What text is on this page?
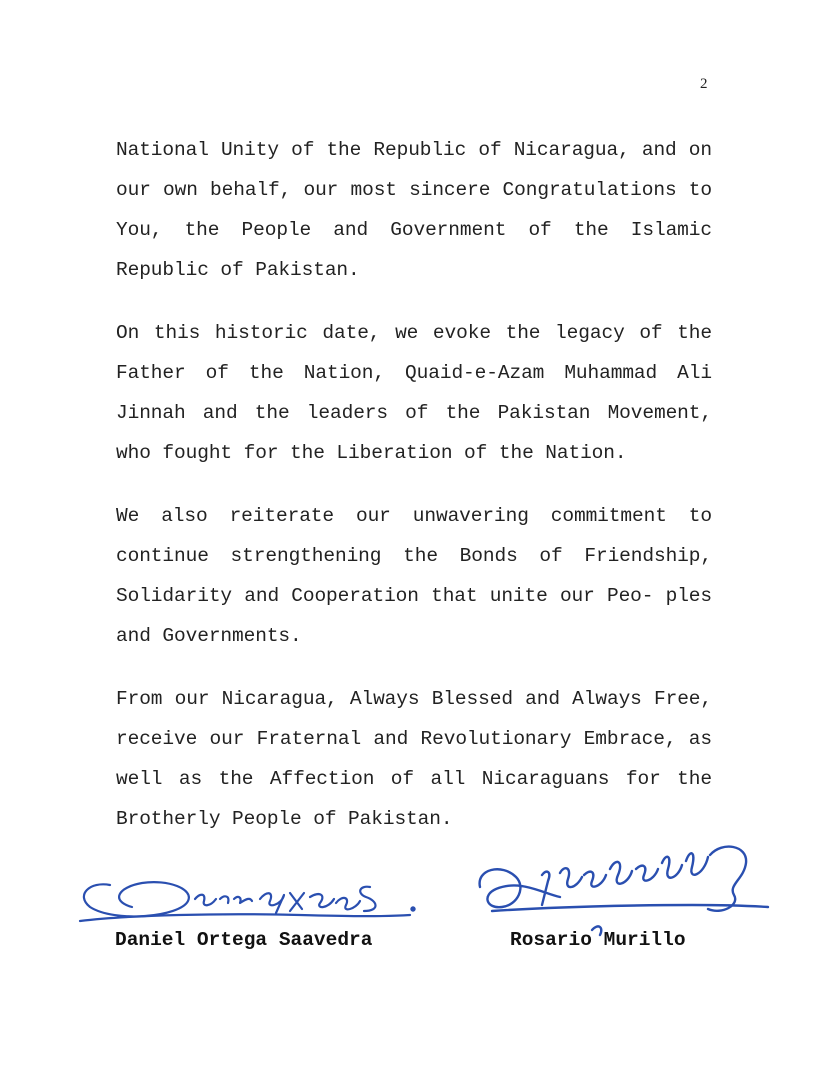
2

National Unity of the Republic of Nicaragua, and on our own behalf, our most sincere Congratulations to You, the People and Government of the Islamic Republic of Pakistan.

On this historic date, we evoke the legacy of the Father of the Nation, Quaid-e-Azam Muhammad Ali Jinnah and the leaders of the Pakistan Movement, who fought for the Liberation of the Nation.

We also reiterate our unwavering commitment to continue strengthening the Bonds of Friendship, Solidarity and Cooperation that unite our Peo- ples and Governments.

From our Nicaragua, Always Blessed and Always Free, receive our Fraternal and Revolutionary Embrace, as well as the Affection of all Nicaraguans for the Brotherly People of Pakistan.

Daniel Ortega Saavedra	Rosario Murillo
